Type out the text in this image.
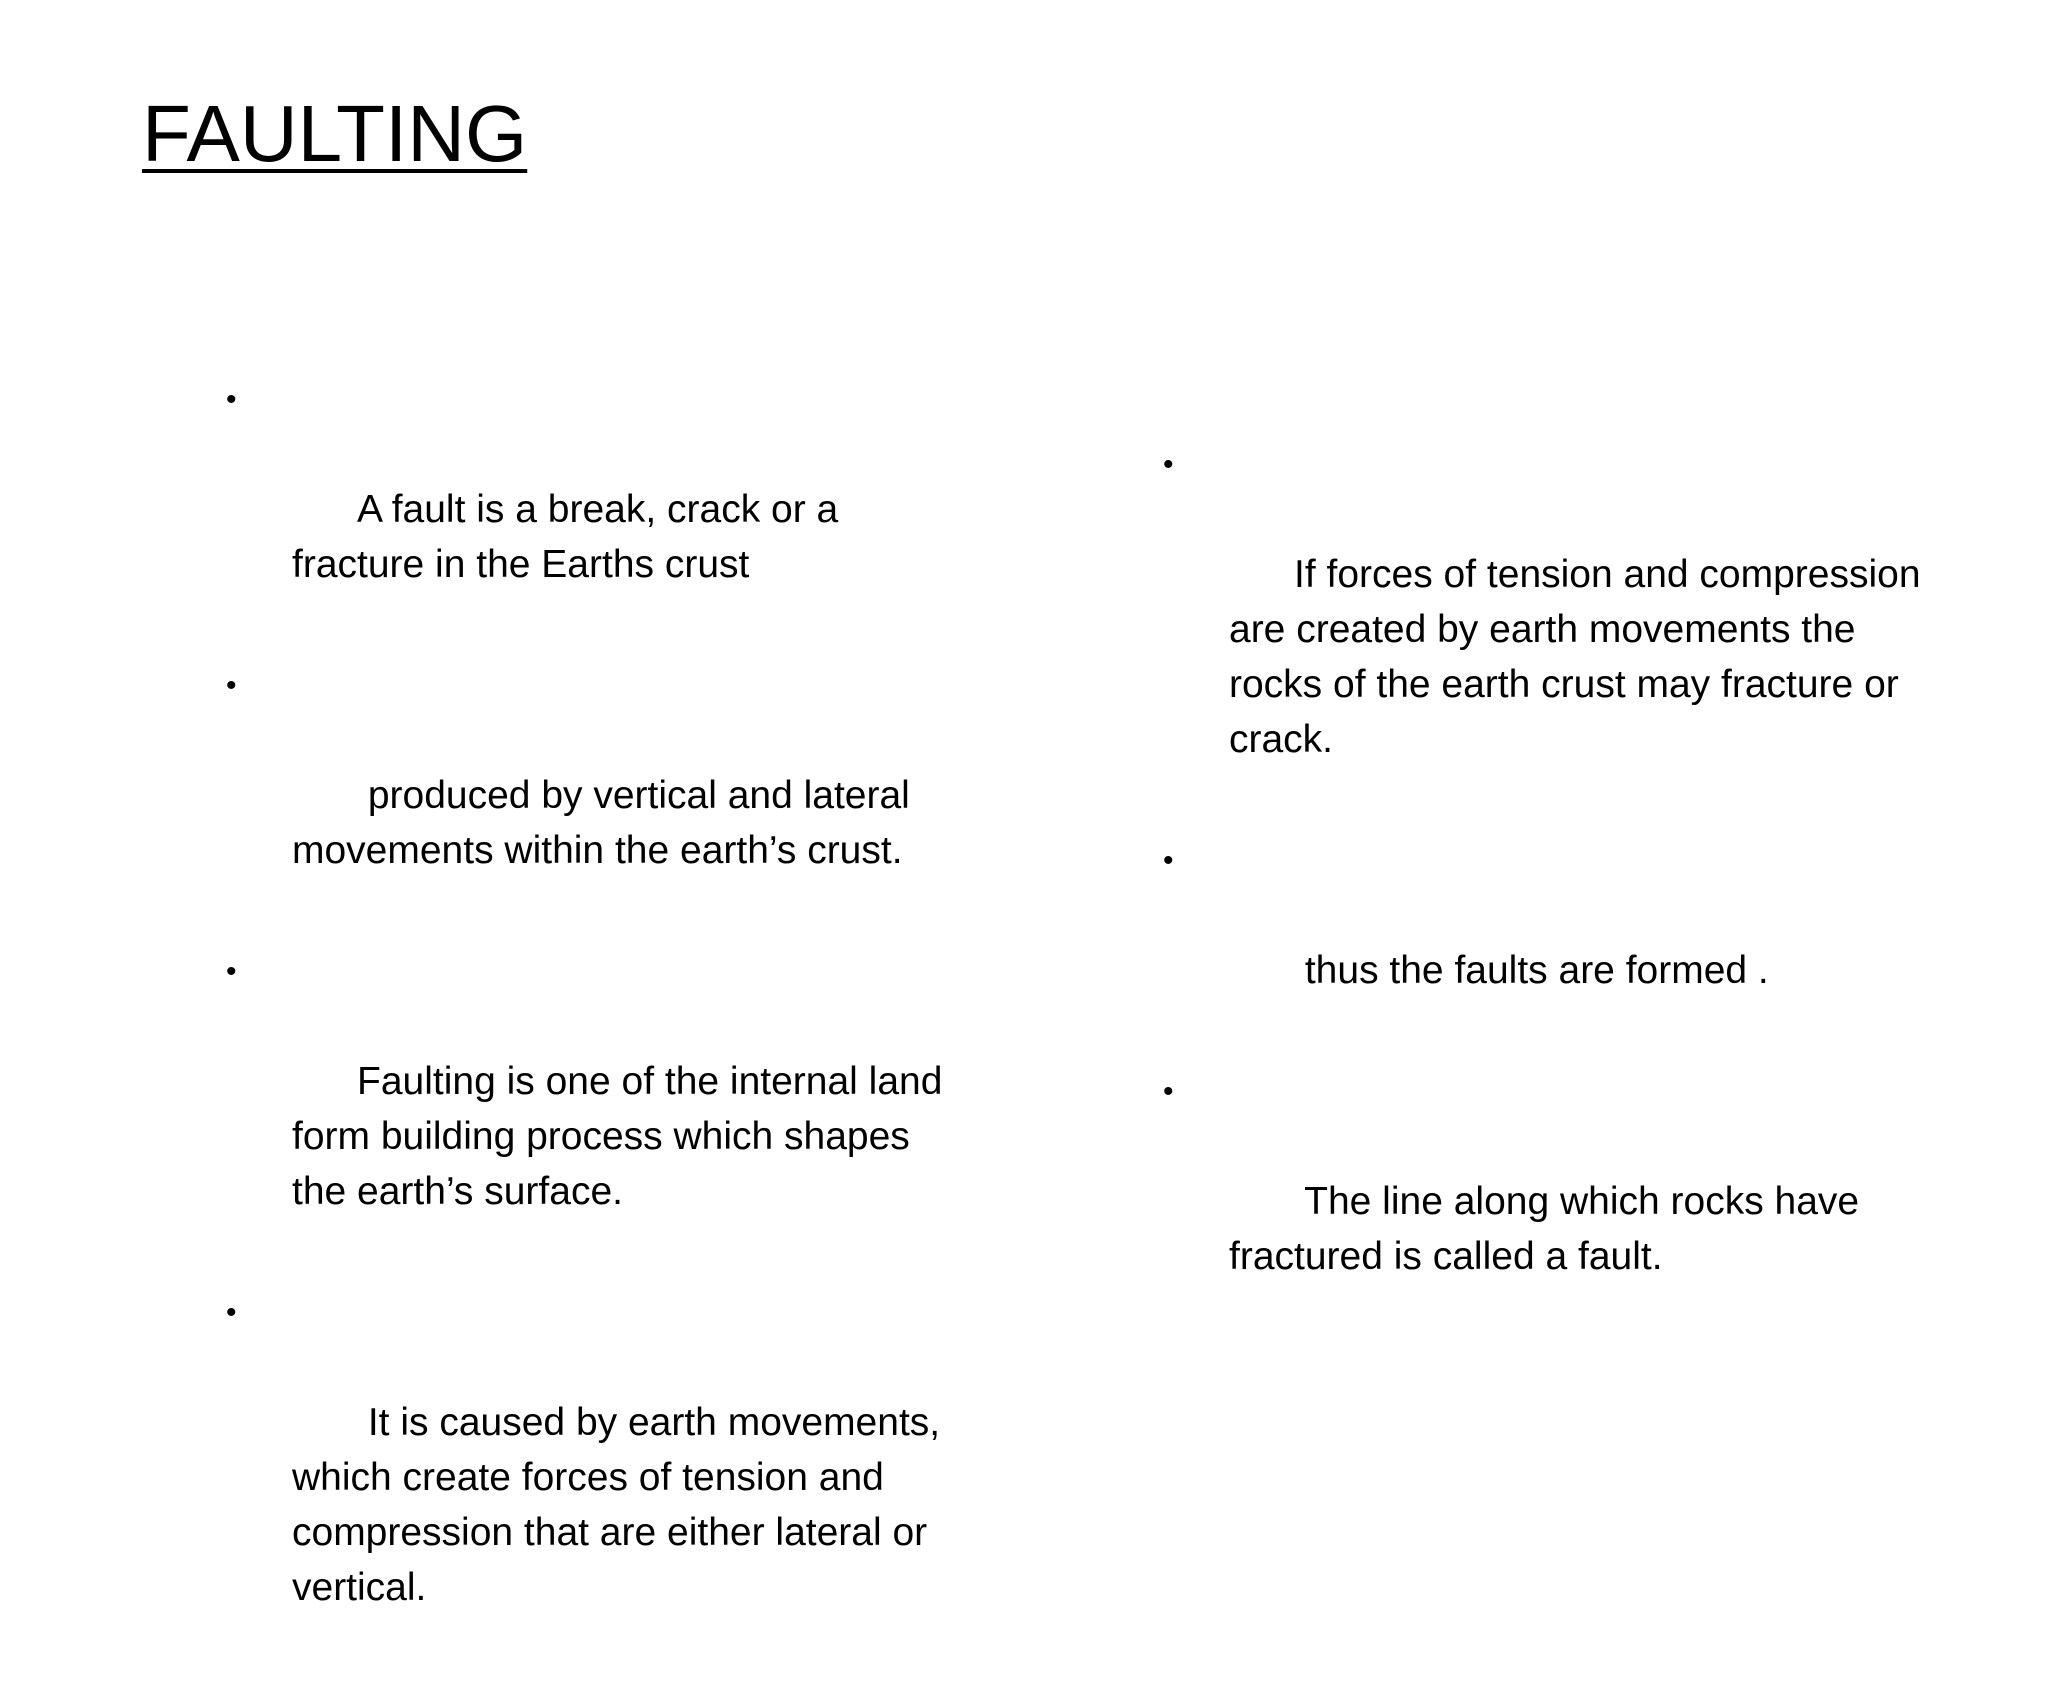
FAULTING

•

A fault is a break, crack or a fracture in the Earths crust

•

produced by vertical and lateral movements within the earth’s crust.

•

Faulting is one of the internal land form building process which shapes the earth’s surface.

•

It is caused by earth movements, which create forces of tension and compression that are either lateral or vertical.

•

If forces of tension and compression are created by earth movements the rocks of the earth crust may fracture or crack.

•

thus the faults are formed .

•

The line along which rocks have fractured is called a fault.
